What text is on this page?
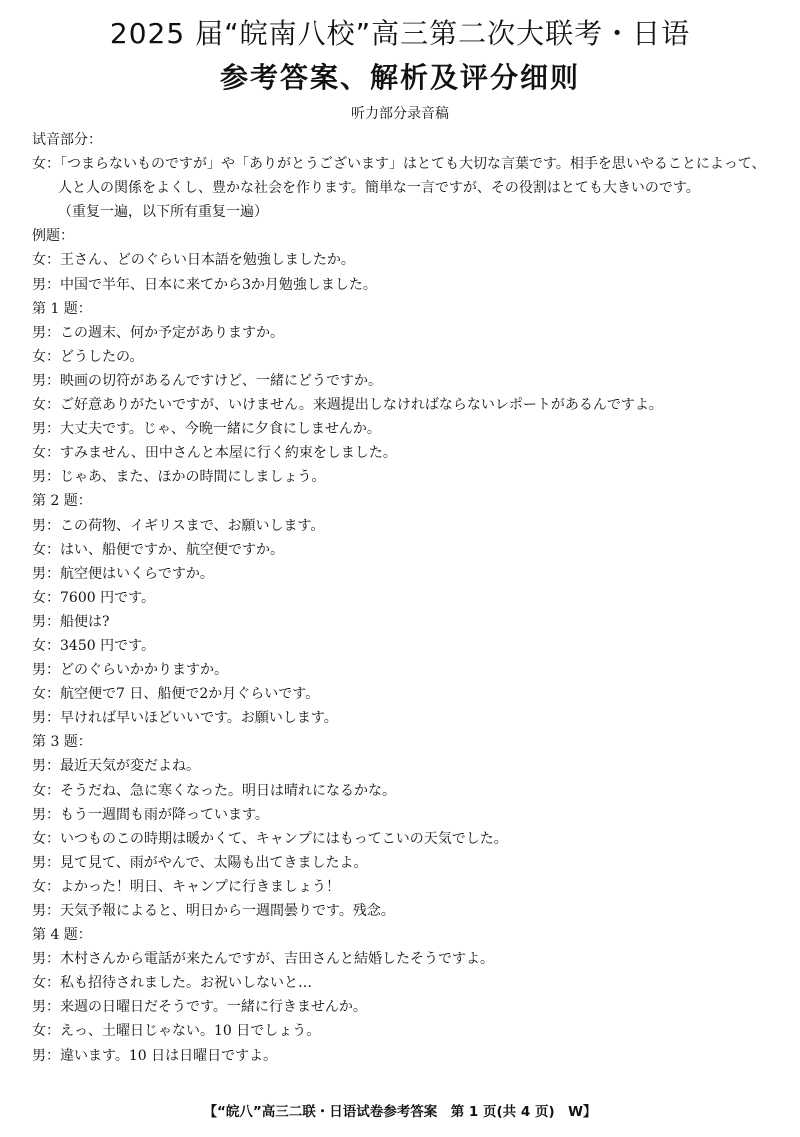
2025 届“皖南八校”高三第二次大联考・日语
参考答案、解析及评分细则
听力部分录音稿
试音部分：
女：「つまらないものですが」や「ありがとうございます」はとても大切な言葉です。相手を思いやることによって、人と人の関係をよくし、豊かな社会を作ります。簡単な一言ですが、その役割はとても大きいのです。
（重复一遍，以下所有重复一遍）
例题：
女：王さん、どのぐらい日本語を勉強しましたか。
男：中国で半年、日本に来てから3か月勉強しました。
第 1 题：
男：この週末、何か予定がありますか。
女：どうしたの。
男：映画の切符があるんですけど、一緒にどうですか。
女：ご好意ありがたいですが、いけません。来週提出しなければならないレポートがあるんですよ。
男：大丈夫です。じゃ、今晩一緒に夕食にしませんか。
女：すみません、田中さんと本屋に行く約束をしました。
男：じゃあ、また、ほかの時間にしましょう。
第 2 题：
男：この荷物、イギリスまで、お願いします。
女：はい、船便ですか、航空便ですか。
男：航空便はいくらですか。
女：7600 円です。
男：船便は?
女：3450 円です。
男：どのぐらいかかりますか。
女：航空便で7 日、船便で2か月ぐらいです。
男：早ければ早いほどいいです。お願いします。
第 3 题：
男：最近天気が変だよね。
女：そうだね、急に寒くなった。明日は晴れになるかな。
男：もう一週間も雨が降っています。
女：いつものこの時期は暖かくて、キャンプにはもってこいの天気でした。
男：見て見て、雨がやんで、太陽も出てきましたよ。
女：よかった！明日、キャンプに行きましょう！
男：天気予報によると、明日から一週間曇りです。残念。
第 4 题：
男：木村さんから電話が来たんですが、吉田さんと結婚したそうですよ。
女：私も招待されました。お祝いしないと…
男：来週の日曜日だそうです。一緒に行きませんか。
女：えっ、土曜日じゃない。10 日でしょう。
男：違います。10 日は日曜日ですよ。
【“皖八”高三二联・日语试卷参考答案　第 1 页(共 4 页)　W】
